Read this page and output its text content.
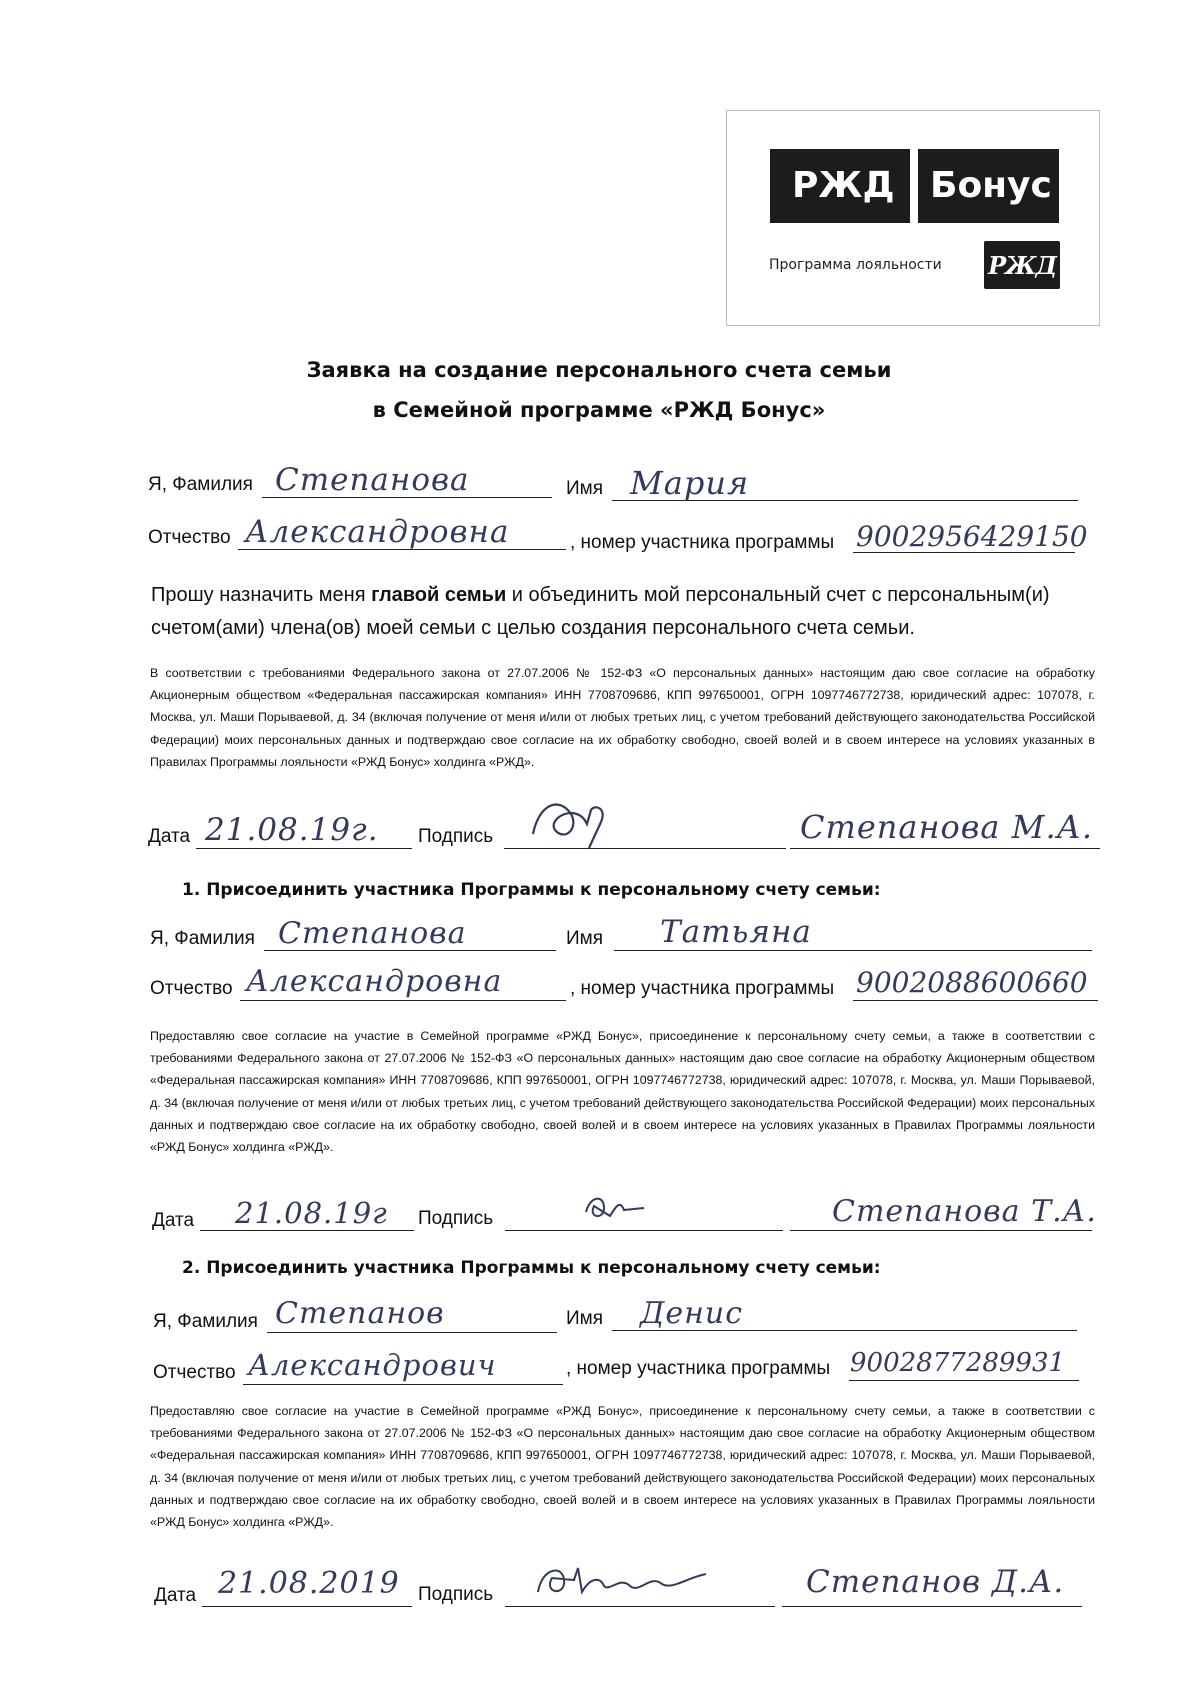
РЖД Бонус
Программа лояльности РЖД
Заявка на создание персонального счета семьи
в Семейной программе «РЖД Бонус»
Я, Фамилия Степанова	Имя Мария
Отчество Александровна	, номер участника программы 9002956429150
Прошу назначить меня главой семьи и объединить мой персональный счет с персональным(и) счетом(ами) члена(ов) моей семьи с целью создания персонального счета семьи.
В соответствии с требованиями Федерального закона от 27.07.2006 № 152-ФЗ «О персональных данных» настоящим даю свое согласие на обработку Акционерным обществом «Федеральная пассажирская компания» ИНН 7708709686, КПП 997650001, ОГРН 1097746772738, юридический адрес: 107078, г. Москва, ул. Маши Порываевой, д. 34 (включая получение от меня и/или от любых третьих лиц, с учетом требований действующего законодательства Российской Федерации) моих персональных данных и подтверждаю свое согласие на их обработку свободно, своей волей и в своем интересе на условиях указанных в Правилах Программы лояльности «РЖД Бонус» холдинга «РЖД».
Дата 21.08.19г. Подпись	Степанова М.А.
1. Присоединить участника Программы к персональному счету семьи:
Я, Фамилия Степанова	Имя Татьяна
Отчество Александровна	, номер участника программы 9002088600660
Предоставляю свое согласие на участие в Семейной программе «РЖД Бонус», присоединение к персональному счету семьи, а также в соответствии с требованиями Федерального закона от 27.07.2006 № 152-ФЗ «О персональных данных» настоящим даю свое согласие на обработку Акционерным обществом «Федеральная пассажирская компания» ИНН 7708709686, КПП 997650001, ОГРН 1097746772738, юридический адрес: 107078, г. Москва, ул. Маши Порываевой, д. 34 (включая получение от меня и/или от любых третьих лиц, с учетом требований действующего законодательства Российской Федерации) моих персональных данных и подтверждаю свое согласие на их обработку свободно, своей волей и в своем интересе на условиях указанных в Правилах Программы лояльности «РЖД Бонус» холдинга «РЖД».
Дата 21.08.19г Подпись	Степанова Т.А.
2. Присоединить участника Программы к персональному счету семьи:
Я, Фамилия Степанов	Имя Денис
Отчество Александрович	, номер участника программы 9002877289931
Предоставляю свое согласие на участие в Семейной программе «РЖД Бонус», присоединение к персональному счету семьи, а также в соответствии с требованиями Федерального закона от 27.07.2006 № 152-ФЗ «О персональных данных» настоящим даю свое согласие на обработку Акционерным обществом «Федеральная пассажирская компания» ИНН 7708709686, КПП 997650001, ОГРН 1097746772738, юридический адрес: 107078, г. Москва, ул. Маши Порываевой, д. 34 (включая получение от меня и/или от любых третьих лиц, с учетом требований действующего законодательства Российской Федерации) моих персональных данных и подтверждаю свое согласие на их обработку свободно, своей волей и в своем интересе на условиях указанных в Правилах Программы лояльности «РЖД Бонус» холдинга «РЖД».
Дата 21.08.2019 Подпись	Степанов Д.А.
